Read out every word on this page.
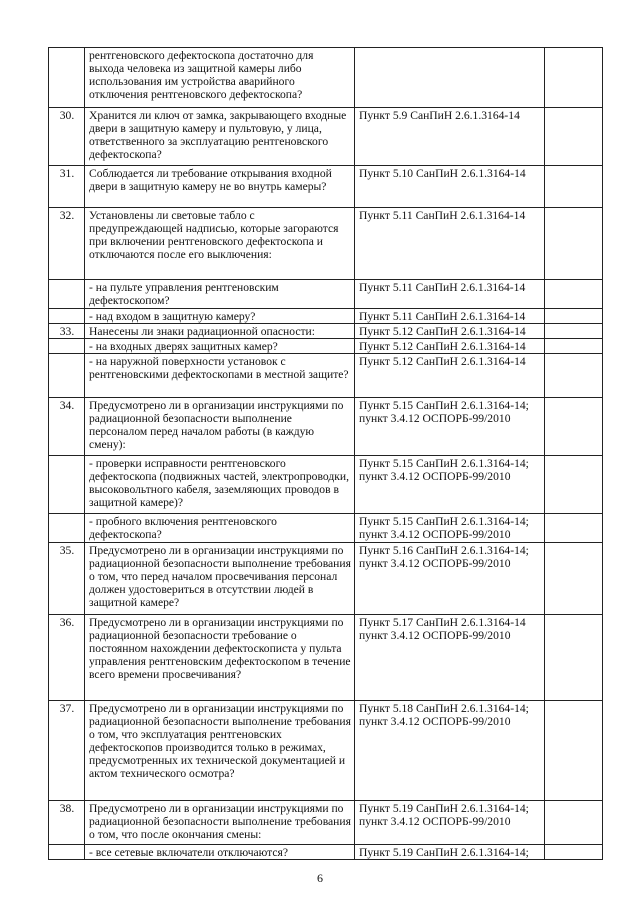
	рентгеновского дефектоскопа достаточно для выхода человека из защитной камеры либо использования им устройства аварийного отключения рентгеновского дефектоскопа?		
30.	Хранится ли ключ от замка, закрывающего входные двери в защитную камеру и пультовую, у лица, ответственного за эксплуатацию рентгеновского дефектоскопа?	Пункт 5.9 СанПиН 2.6.1.3164-14	
31.	Соблюдается ли требование открывания входной двери в защитную камеру не во внутрь камеры?	Пункт 5.10 СанПиН 2.6.1.3164-14	
32.	Установлены ли световые табло с предупреждающей надписью, которые загораются при включении рентгеновского дефектоскопа и отключаются после его выключения:	Пункт 5.11 СанПиН 2.6.1.3164-14	
	- на пульте управления рентгеновским дефектоскопом?	Пункт 5.11 СанПиН 2.6.1.3164-14	
	- над входом в защитную камеру?	Пункт 5.11 СанПиН 2.6.1.3164-14	
33.	Нанесены ли знаки радиационной опасности:	Пункт 5.12 СанПиН 2.6.1.3164-14	
	- на входных дверях защитных камер?	Пункт 5.12 СанПиН 2.6.1.3164-14	
	- на наружной поверхности установок с рентгеновскими дефектоскопами в местной защите?	Пункт 5.12 СанПиН 2.6.1.3164-14	
34.	Предусмотрено ли в организации инструкциями по радиационной безопасности выполнение персоналом перед началом работы (в каждую смену):	Пункт 5.15 СанПиН 2.6.1.3164-14; пункт 3.4.12 ОСПОРБ-99/2010	
	- проверки исправности рентгеновского дефектоскопа (подвижных частей, электропроводки, высоковольтного кабеля, заземляющих проводов в защитной камере)?	Пункт 5.15 СанПиН 2.6.1.3164-14; пункт 3.4.12 ОСПОРБ-99/2010	
	- пробного включения рентгеновского дефектоскопа?	Пункт 5.15 СанПиН 2.6.1.3164-14; пункт 3.4.12 ОСПОРБ-99/2010	
35.	Предусмотрено ли в организации инструкциями по радиационной безопасности выполнение требования о том, что перед началом просвечивания персонал должен удостовериться в отсутствии людей в защитной камере?	Пункт 5.16 СанПиН 2.6.1.3164-14; пункт 3.4.12 ОСПОРБ-99/2010	
36.	Предусмотрено ли в организации инструкциями по радиационной безопасности требование о постоянном нахождении дефектоскописта у пульта управления рентгеновским дефектоскопом в течение всего времени просвечивания?	Пункт 5.17 СанПиН 2.6.1.3164-14 пункт 3.4.12 ОСПОРБ-99/2010	
37.	Предусмотрено ли в организации инструкциями по радиационной безопасности выполнение требования о том, что эксплуатация рентгеновских дефектоскопов производится только в режимах, предусмотренных их технической документацией и актом технического осмотра?	Пункт 5.18 СанПиН 2.6.1.3164-14; пункт 3.4.12 ОСПОРБ-99/2010	
38.	Предусмотрено ли в организации инструкциями по радиационной безопасности выполнение требования о том, что после окончания смены:	Пункт 5.19 СанПиН 2.6.1.3164-14; пункт 3.4.12 ОСПОРБ-99/2010	
	- все сетевые включатели отключаются?	Пункт 5.19 СанПиН 2.6.1.3164-14;	
6
